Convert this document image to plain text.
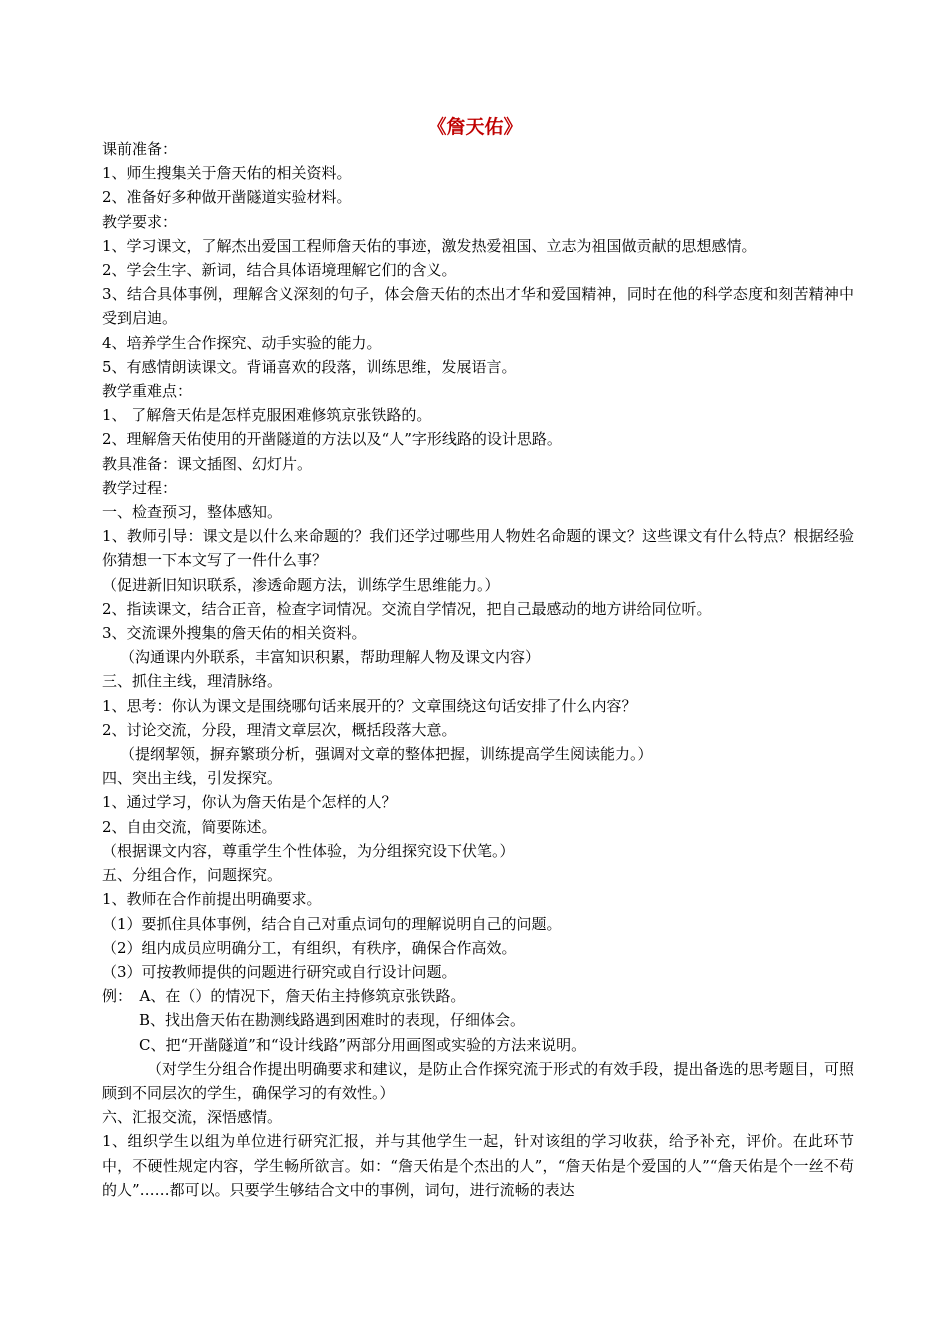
《詹天佑》
课前准备：
1、师生搜集关于詹天佑的相关资料。
2、准备好多种做开凿隧道实验材料。
教学要求：
1、学习课文，了解杰出爱国工程师詹天佑的事迹，激发热爱祖国、立志为祖国做贡献的思想感情。
2、学会生字、新词，结合具体语境理解它们的含义。
3、结合具体事例，理解含义深刻的句子，体会詹天佑的杰出才华和爱国精神，同时在他的科学态度和刻苦精神中受到启迪。
4、培养学生合作探究、动手实验的能力。
5、有感情朗读课文。背诵喜欢的段落，训练思维，发展语言。
教学重难点：
1、 了解詹天佑是怎样克服困难修筑京张铁路的。
2、理解詹天佑使用的开凿隧道的方法以及“人”字形线路的设计思路。
教具准备：课文插图、幻灯片。
教学过程：
一、检查预习，整体感知。
1、教师引导：课文是以什么来命题的？我们还学过哪些用人物姓名命题的课文？这些课文有什么特点？根据经验你猜想一下本文写了一件什么事？
（促进新旧知识联系，渗透命题方法，训练学生思维能力。）
2、指读课文，结合正音，检查字词情况。交流自学情况，把自己最感动的地方讲给同位听。
3、交流课外搜集的詹天佑的相关资料。
（沟通课内外联系，丰富知识积累，帮助理解人物及课文内容）
三、抓住主线，理清脉络。
1、思考：你认为课文是围绕哪句话来展开的？文章围绕这句话安排了什么内容？
2、讨论交流，分段，理清文章层次，概括段落大意。
（提纲挈领，摒弃繁琐分析，强调对文章的整体把握，训练提高学生阅读能力。）
四、突出主线，引发探究。
1、通过学习，你认为詹天佑是个怎样的人？
2、自由交流，简要陈述。
（根据课文内容，尊重学生个性体验，为分组探究设下伏笔。）
五、分组合作，问题探究。
1、教师在合作前提出明确要求。
（1）要抓住具体事例，结合自己对重点词句的理解说明自己的问题。
（2）组内成员应明确分工，有组织，有秩序，确保合作高效。
（3）可按教师提供的问题进行研究或自行设计问题。
例：　A、在（）的情况下，詹天佑主持修筑京张铁路。
B、找出詹天佑在勘测线路遇到困难时的表现，仔细体会。
C、把“开凿隧道”和“设计线路”两部分用画图或实验的方法来说明。
（对学生分组合作提出明确要求和建议，是防止合作探究流于形式的有效手段，提出备选的思考题目，可照顾到不同层次的学生，确保学习的有效性。）
六、汇报交流，深悟感情。
1、组织学生以组为单位进行研究汇报，并与其他学生一起，针对该组的学习收获，给予补充，评价。在此环节中，不硬性规定内容，学生畅所欲言。如：“詹天佑是个杰出的人”，“詹天佑是个爱国的人”“詹天佑是个一丝不苟的人”……都可以。只要学生够结合文中的事例，词句，进行流畅的表达
